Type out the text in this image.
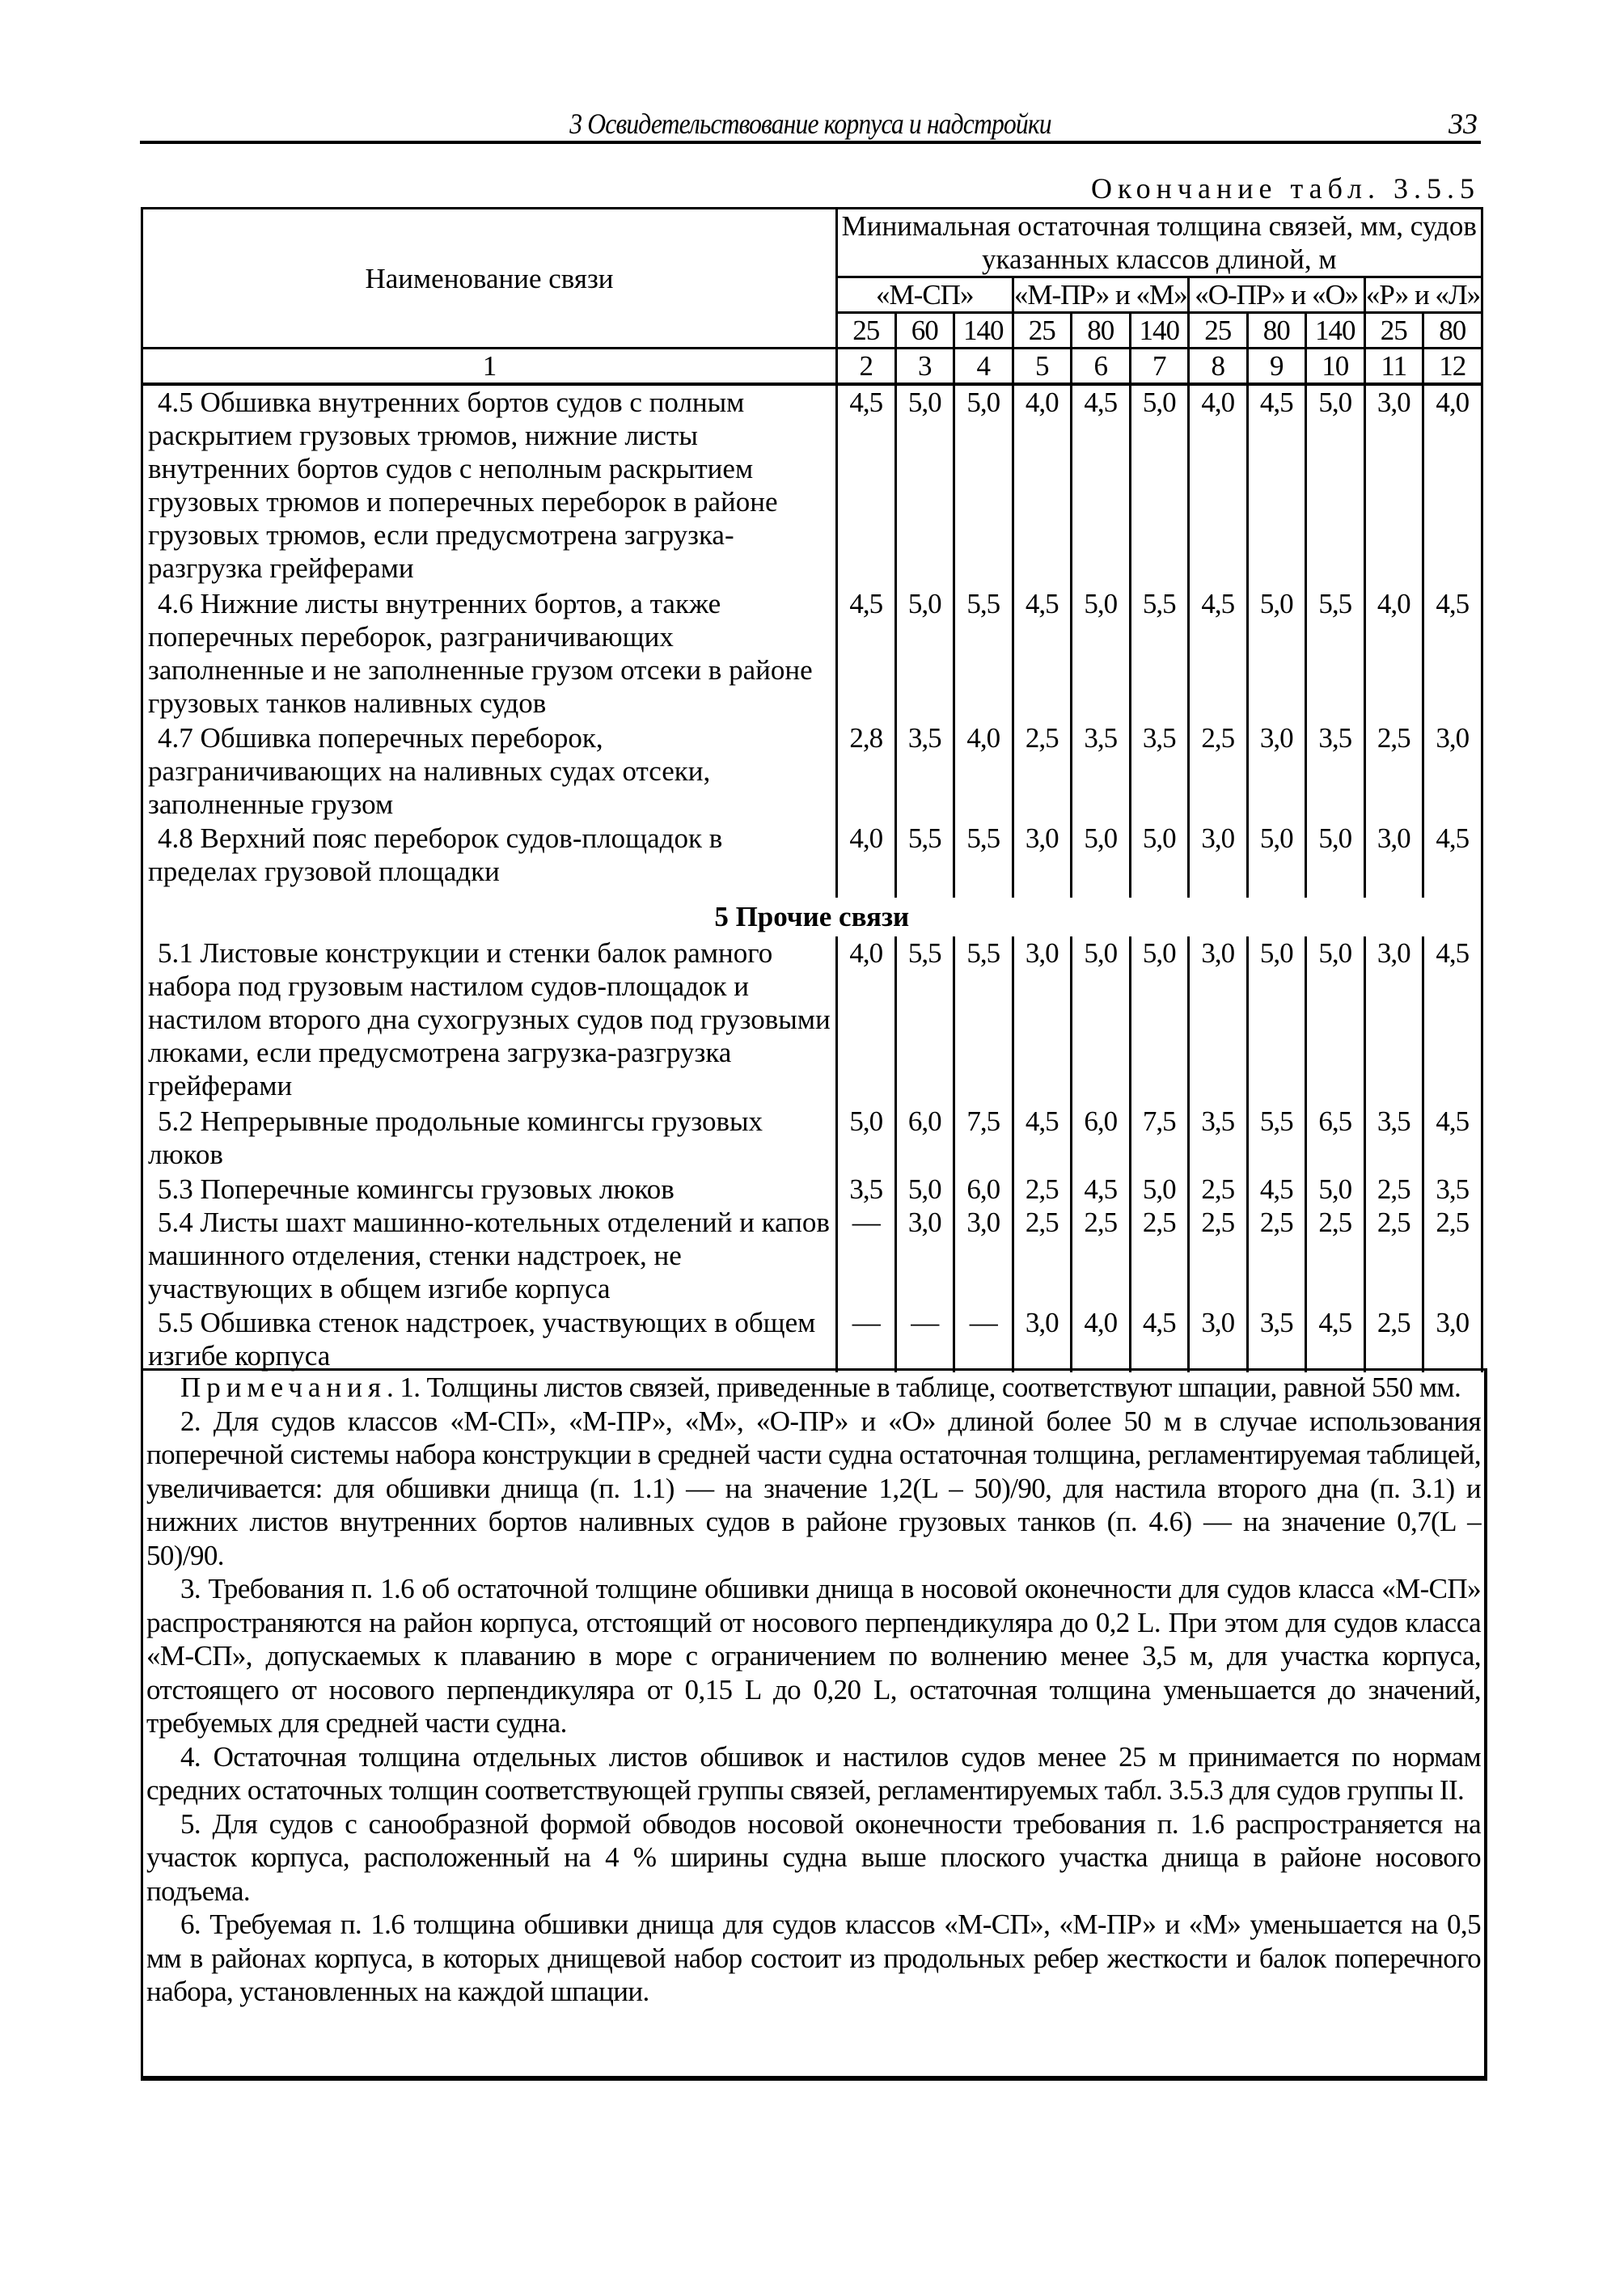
3 Освидетельствование корпуса и надстройки	33
Окончание табл. 3.5.5
Наименование связи	Минимальная остаточная толщина связей, мм, судов указанных классов длиной, м										
	«М-СП»			«М-ПР» и «М»			«О-ПР» и «О»			«Р» и «Л»	
	25	60	140	25	80	140	25	80	140	25	80
1	2	3	4	5	6	7	8	9	10	11	12

4.5 Обшивка внутренних бортов судов с полным раскрытием грузовых трюмов, нижние листы внутренних бортов судов с неполным раскрытием грузовых трюмов и поперечных переборок в районе грузовых трюмов, если предусмотрена загрузка-разгрузка грейферами	4,5	5,0	5,0	4,0	4,5	5,0	4,0	4,5	5,0	3,0	4,0

4.6 Нижние листы внутренних бортов, а также поперечных переборок, разграничивающих заполненные и не заполненные грузом отсеки в районе грузовых танков наливных судов	4,5	5,0	5,5	4,5	5,0	5,5	4,5	5,0	5,5	4,0	4,5

4.7 Обшивка поперечных переборок, разграничивающих на наливных судах отсеки, заполненные грузом	2,8	3,5	4,0	2,5	3,5	3,5	2,5	3,0	3,5	2,5	3,0

4.8 Верхний пояс переборок судов-площадок в пределах грузовой площадки	4,0	5,5	5,5	3,0	5,0	5,0	3,0	5,0	5,0	3,0	4,5
5 Прочие связи											

5.1 Листовые конструкции и стенки балок рамного набора под грузовым настилом судов-площадок и настилом второго дна сухогрузных судов под грузовыми люками, если предусмотрена загрузка-разгрузка грейферами	4,0	5,5	5,5	3,0	5,0	5,0	3,0	5,0	5,0	3,0	4,5

5.2 Непрерывные продольные комингсы грузовых люков	5,0	6,0	7,5	4,5	6,0	7,5	3,5	5,5	6,5	3,5	4,5

5.3 Поперечные комингсы грузовых люков	3,5	5,0	6,0	2,5	4,5	5,0	2,5	4,5	5,0	2,5	3,5

5.4 Листы шахт машинно-котельных отделений и капов машинного отделения, стенки надстроек, не участвующих в общем изгибе корпуса	—	3,0	3,0	2,5	2,5	2,5	2,5	2,5	2,5	2,5	2,5

5.5 Обшивка стенок надстроек, участвующих в общем изгибе корпуса	—	—	—	3,0	4,0	4,5	3,0	3,5	4,5	2,5	3,0

Примечания. 1. Толщины листов связей, приведенные в таблице, соответствуют шпации, равной 550 мм.

2. Для судов классов «М-СП», «М-ПР», «М», «О-ПР» и «О» длиной более 50 м в случае использования поперечной системы набора конструкции в средней части судна остаточная толщина, регламентируемая таблицей, увеличивается: для обшивки днища (п. 1.1) — на значение 1,2(L – 50)/90, для настила второго дна (п. 3.1) и нижних листов внутренних бортов наливных судов в районе грузовых танков (п. 4.6) — на значение 0,7(L – 50)/90.

3. Требования п. 1.6 об остаточной толщине обшивки днища в носовой оконечности для судов класса «М-СП» распространяются на район корпуса, отстоящий от носового перпендикуляра до 0,2 L. При этом для судов класса «М-СП», допускаемых к плаванию в море с ограничением по волнению менее 3,5 м, для участка корпуса, отстоящего от носового перпендикуляра от 0,15 L до 0,20 L, остаточная толщина уменьшается до значений, требуемых для средней части судна.

4. Остаточная толщина отдельных листов обшивок и настилов судов менее 25 м принимается по нормам средних остаточных толщин соответствующей группы связей, регламентируемых табл. 3.5.3 для судов группы II.

5. Для судов с санообразной формой обводов носовой оконечности требования п. 1.6 распространяется на участок корпуса, расположенный на 4 % ширины судна выше плоского участка днища в районе носового подъема.

6. Требуемая п. 1.6 толщина обшивки днища для судов классов «М-СП», «М-ПР» и «М» уменьшается на 0,5 мм в районах корпуса, в которых днищевой набор состоит из продольных ребер жесткости и балок поперечного набора, установленных на каждой шпации.
